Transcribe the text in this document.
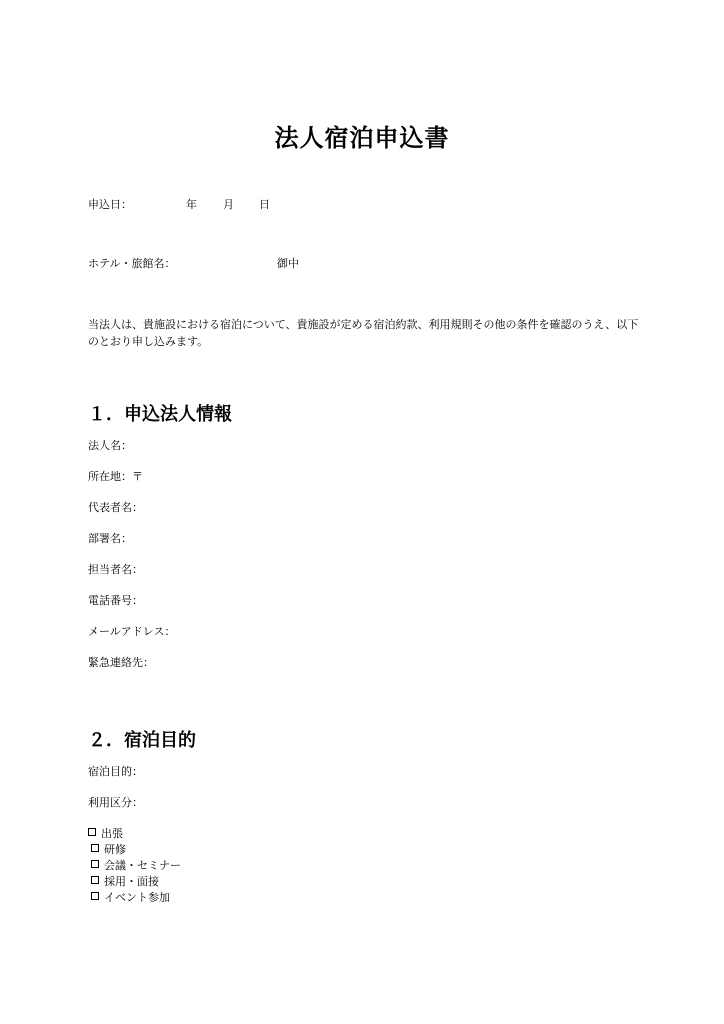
法人宿泊申込書
申込日：	年 月 日
ホテル・旅館名：	御中
当法人は、貴施設における宿泊について、貴施設が定める宿泊約款、利用規則その他の条件を確認のうえ、以下のとおり申し込みます。
１．申込法人情報
法人名：
所在地：〒
代表者名：
部署名：
担当者名：
電話番号：
メールアドレス：
緊急連絡先：
２．宿泊目的
宿泊目的：
利用区分：
出張
研修
会議・セミナー
採用・面接
イベント参加
